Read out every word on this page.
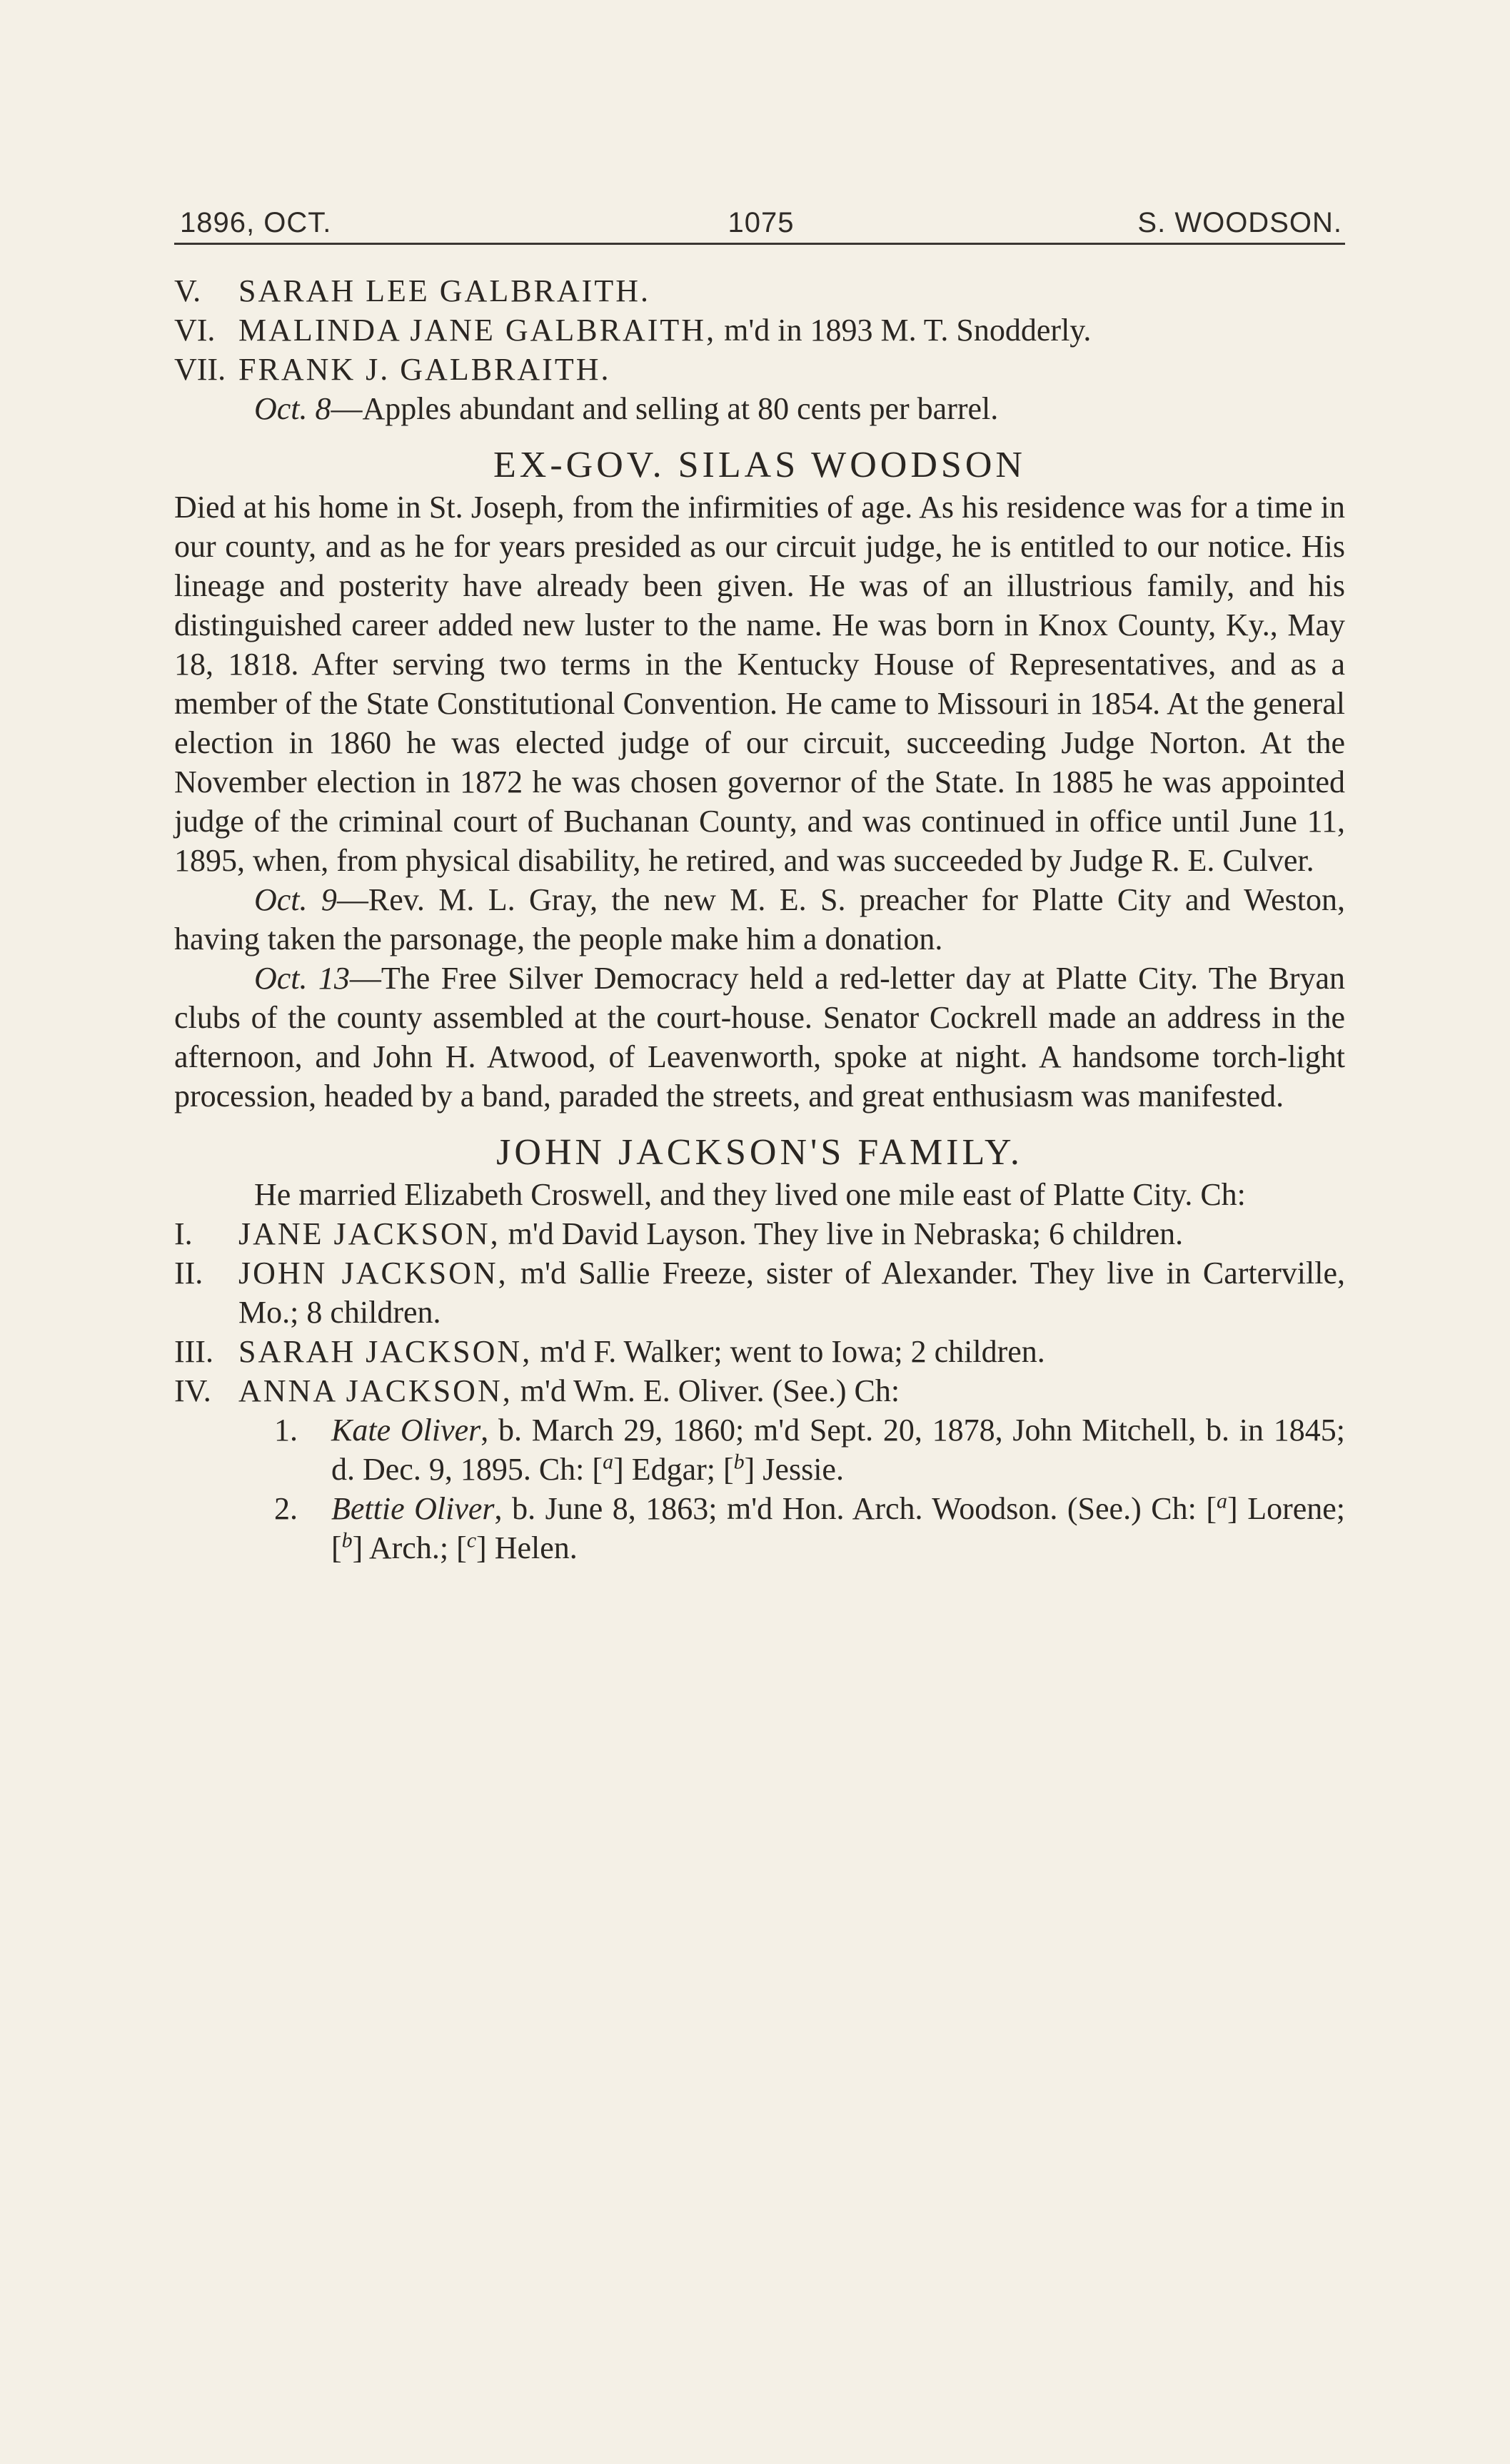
1896, OCT.	1075	S. WOODSON.

V. SARAH LEE GALBRAITH.

VI. MALINDA JANE GALBRAITH, m'd in 1893 M. T. Snodderly.

VII. FRANK J. GALBRAITH.

Oct. 8—Apples abundant and selling at 80 cents per barrel.

EX-GOV. SILAS WOODSON

Died at his home in St. Joseph, from the infirmities of age. As his residence was for a time in our county, and as he for years presided as our circuit judge, he is entitled to our notice. His lineage and posterity have already been given. He was of an illustrious family, and his distinguished career added new luster to the name. He was born in Knox County, Ky., May 18, 1818. After serving two terms in the Kentucky House of Representatives, and as a member of the State Constitutional Convention. He came to Missouri in 1854. At the general election in 1860 he was elected judge of our circuit, succeeding Judge Norton. At the November election in 1872 he was chosen governor of the State. In 1885 he was appointed judge of the criminal court of Buchanan County, and was continued in office until June 11, 1895, when, from physical disability, he retired, and was succeeded by Judge R. E. Culver.

Oct. 9—Rev. M. L. Gray, the new M. E. S. preacher for Platte City and Weston, having taken the parsonage, the people make him a donation.

Oct. 13—The Free Silver Democracy held a red-letter day at Platte City. The Bryan clubs of the county assembled at the court-house. Senator Cockrell made an address in the afternoon, and John H. Atwood, of Leavenworth, spoke at night. A handsome torch-light procession, headed by a band, paraded the streets, and great enthusiasm was manifested.

JOHN JACKSON'S FAMILY.

He married Elizabeth Croswell, and they lived one mile east of Platte City. Ch:

I. JANE JACKSON, m'd David Layson. They live in Nebraska; 6 children.

II. JOHN JACKSON, m'd Sallie Freeze, sister of Alexander. They live in Carterville, Mo.; 8 children.

III. SARAH JACKSON, m'd F. Walker; went to Iowa; 2 children.

IV. ANNA JACKSON, m'd Wm. E. Oliver. (See.) Ch:

1. Kate Oliver, b. March 29, 1860; m'd Sept. 20, 1878, John Mitchell, b. in 1845; d. Dec. 9, 1895. Ch: [$^a$] Edgar; [$^b$] Jessie.

2. Bettie Oliver, b. June 8, 1863; m'd Hon. Arch. Woodson. (See.) Ch: [$^a$] Lorene; [$^b$] Arch.; [$^c$] Helen.
